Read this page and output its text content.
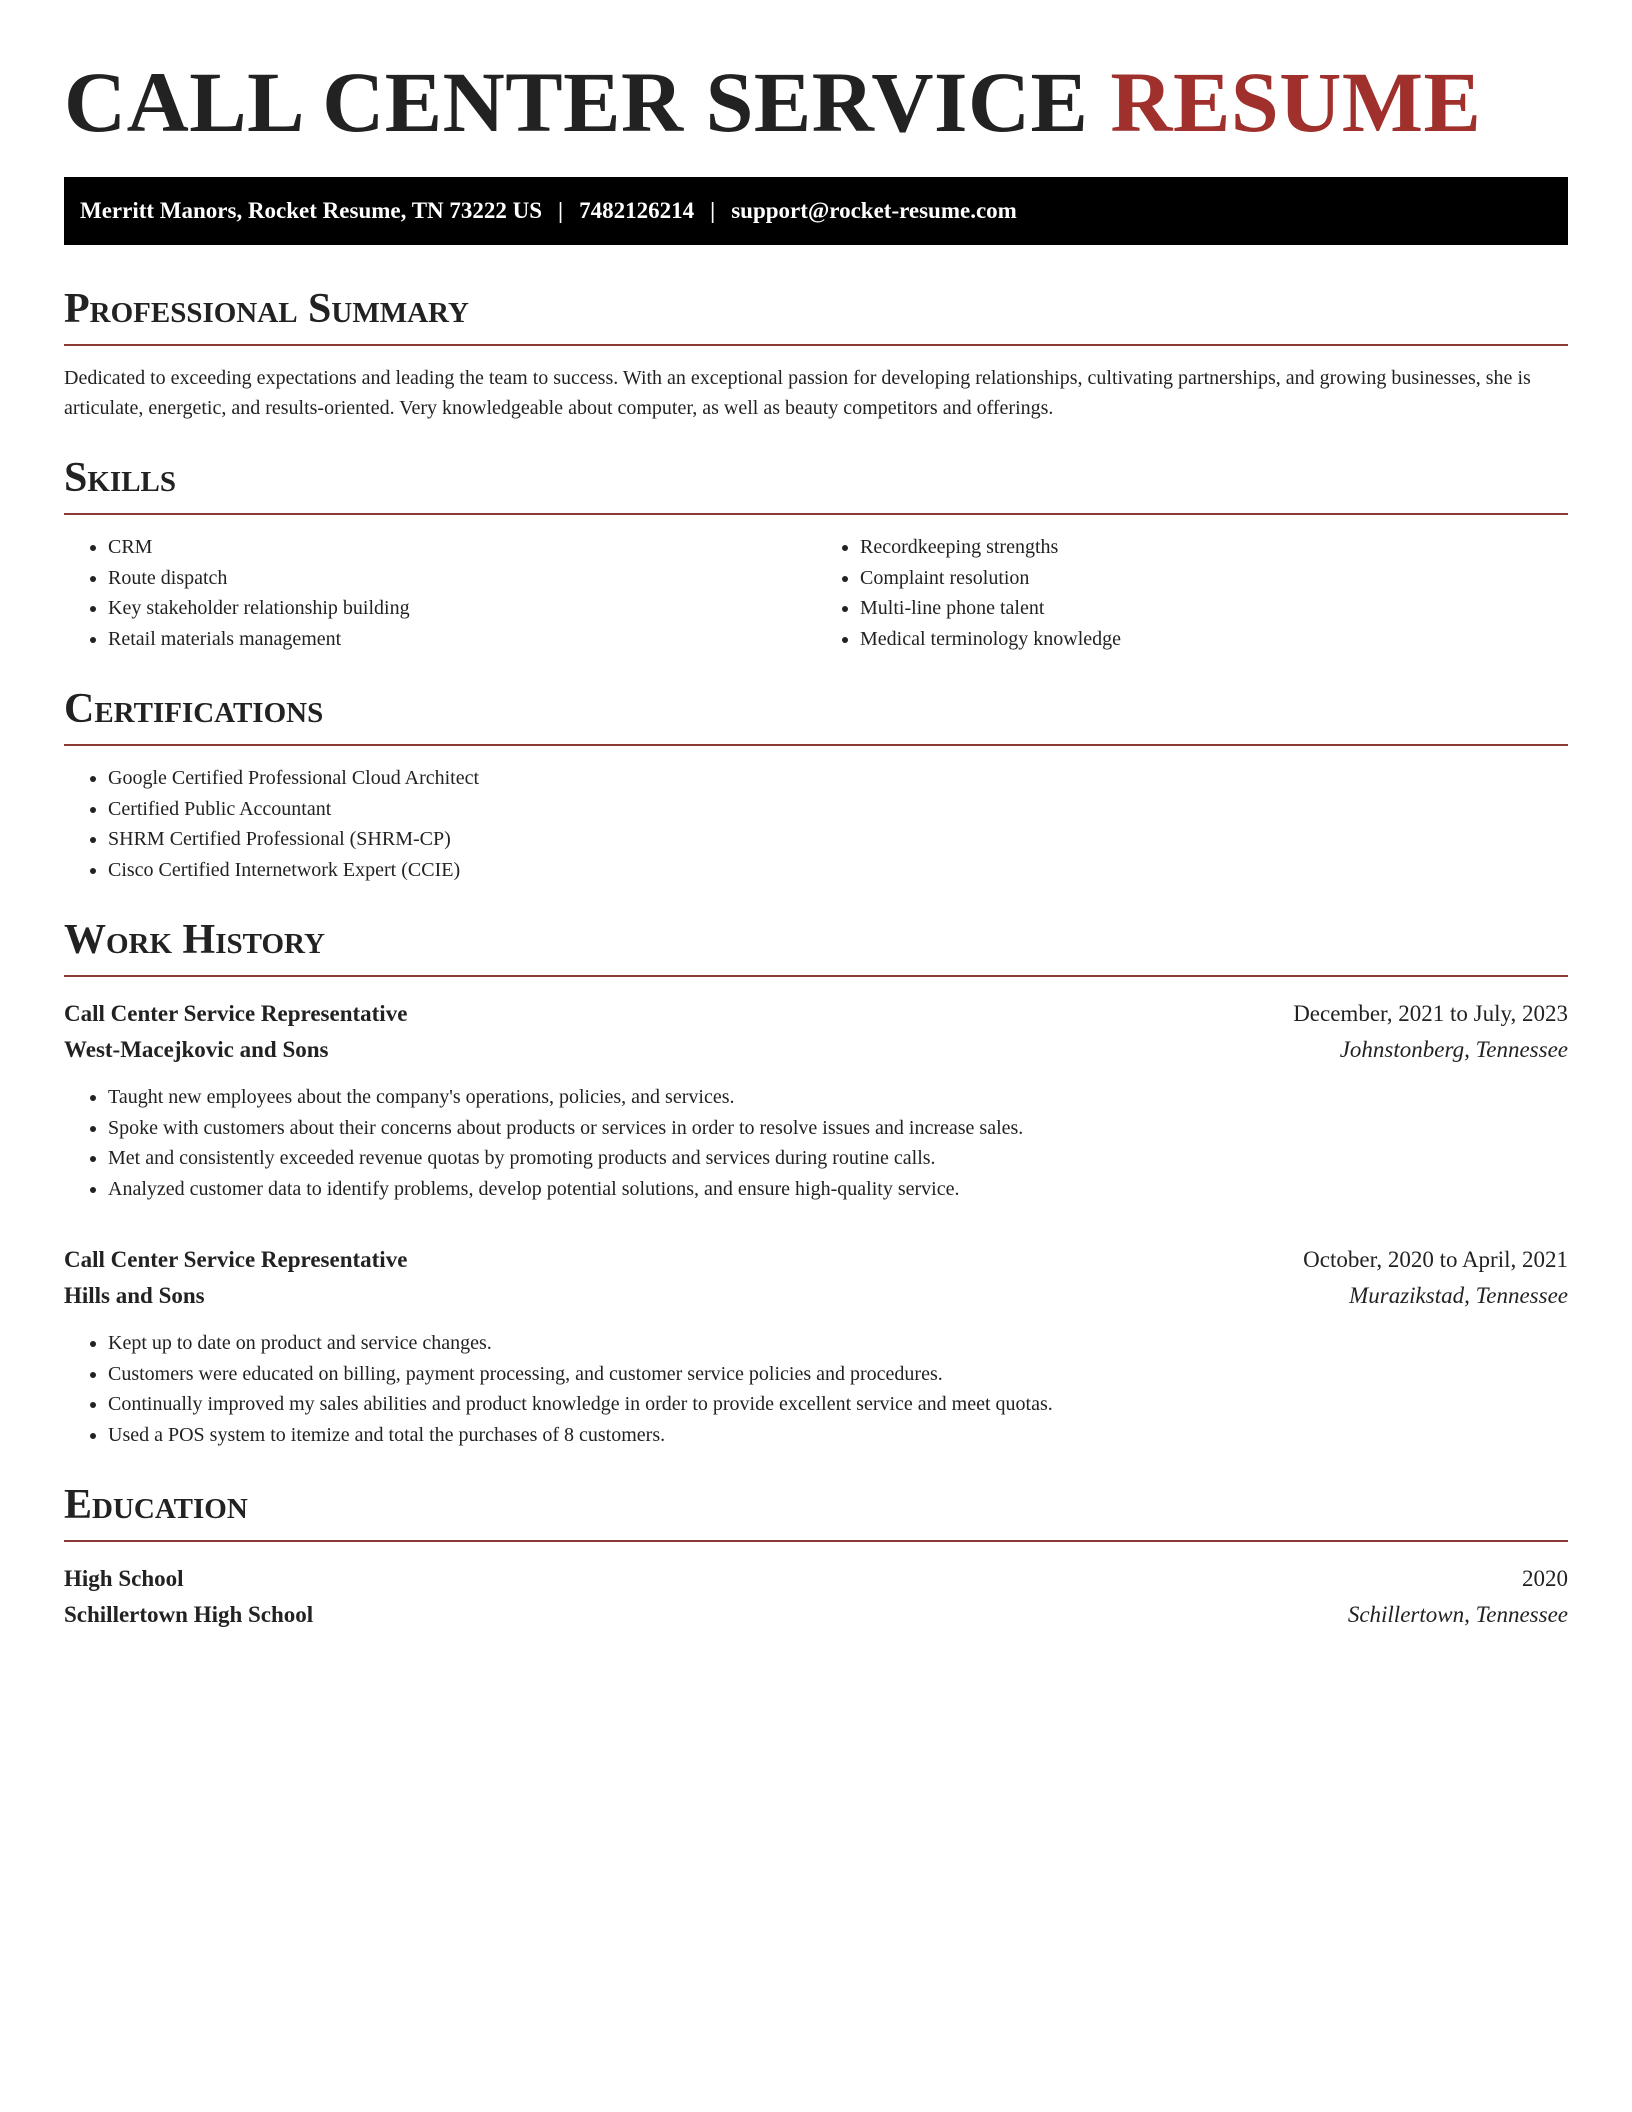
CALL CENTER SERVICE RESUME
Merritt Manors, Rocket Resume, TN 73222 US | 7482126214 | support@rocket-resume.com
Professional Summary

Dedicated to exceeding expectations and leading the team to success. With an exceptional passion for developing relationships, cultivating partnerships, and growing businesses, she is articulate, energetic, and results-oriented. Very knowledgeable about computer, as well as beauty competitors and offerings.

Skills
• CRM
• Route dispatch
• Key stakeholder relationship building
• Retail materials management
• Recordkeeping strengths
• Complaint resolution
• Multi-line phone talent
• Medical terminology knowledge
Certifications
• Google Certified Professional Cloud Architect
• Certified Public Accountant
• SHRM Certified Professional (SHRM-CP)
• Cisco Certified Internetwork Expert (CCIE)
Work History
Call Center Service Representative	December, 2021 to July, 2023
West-Macejkovic and Sons	Johnstonberg, Tennessee
• Taught new employees about the company's operations, policies, and services.
• Spoke with customers about their concerns about products or services in order to resolve issues and increase sales.
• Met and consistently exceeded revenue quotas by promoting products and services during routine calls.
• Analyzed customer data to identify problems, develop potential solutions, and ensure high-quality service.
Call Center Service Representative	October, 2020 to April, 2021
Hills and Sons	Murazikstad, Tennessee
• Kept up to date on product and service changes.
• Customers were educated on billing, payment processing, and customer service policies and procedures.
• Continually improved my sales abilities and product knowledge in order to provide excellent service and meet quotas.
• Used a POS system to itemize and total the purchases of 8 customers.
Education
High School	2020
Schillertown High School	Schillertown, Tennessee
